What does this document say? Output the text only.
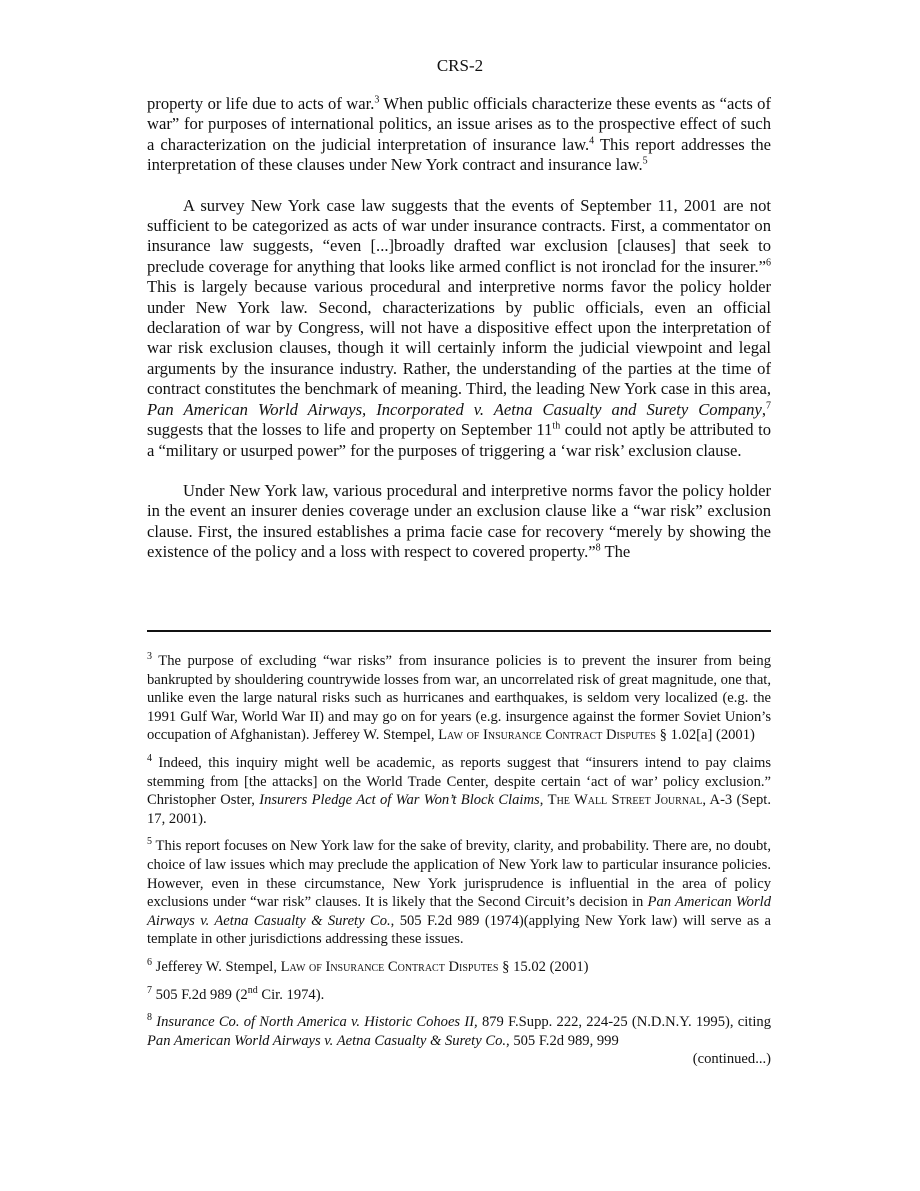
CRS-2

property or life due to acts of war.$^3$ When public officials characterize these events as “acts of war” for purposes of international politics, an issue arises as to the prospective effect of such a characterization on the judicial interpretation of insurance law.$^4$ This report addresses the interpretation of these clauses under New York contract and insurance law.$^5$

A survey New York case law suggests that the events of September 11, 2001 are not sufficient to be categorized as acts of war under insurance contracts. First, a commentator on insurance law suggests, “even [...]broadly drafted war exclusion [clauses] that seek to preclude coverage for anything that looks like armed conflict is not ironclad for the insurer.”$^6$ This is largely because various procedural and interpretive norms favor the policy holder under New York law. Second, characterizations by public officials, even an official declaration of war by Congress, will not have a dispositive effect upon the interpretation of war risk exclusion clauses, though it will certainly inform the judicial viewpoint and legal arguments by the insurance industry. Rather, the understanding of the parties at the time of contract constitutes the benchmark of meaning. Third, the leading New York case in this area, Pan American World Airways, Incorporated v. Aetna Casualty and Surety Company,$^7$ suggests that the losses to life and property on September 11th could not aptly be attributed to a “military or usurped power” for the purposes of triggering a ‘war risk’ exclusion clause.

Under New York law, various procedural and interpretive norms favor the policy holder in the event an insurer denies coverage under an exclusion clause like a “war risk” exclusion clause. First, the insured establishes a prima facie case for recovery “merely by showing the existence of the policy and a loss with respect to covered property.”$^8$ The

$^3$ The purpose of excluding “war risks” from insurance policies is to prevent the insurer from being bankrupted by shouldering countrywide losses from war, an uncorrelated risk of great magnitude, one that, unlike even the large natural risks such as hurricanes and earthquakes, is seldom very localized (e.g. the 1991 Gulf War, World War II) and may go on for years (e.g. insurgence against the former Soviet Union’s occupation of Afghanistan). Jefferey W. Stempel, Law of Insurance Contract Disputes § 1.02[a] (2001)

$^4$ Indeed, this inquiry might well be academic, as reports suggest that “insurers intend to pay claims stemming from [the attacks] on the World Trade Center, despite certain ‘act of war’ policy exclusion.” Christopher Oster, Insurers Pledge Act of War Won’t Block Claims, The Wall Street Journal, A-3 (Sept. 17, 2001).

$^5$ This report focuses on New York law for the sake of brevity, clarity, and probability. There are, no doubt, choice of law issues which may preclude the application of New York law to particular insurance policies. However, even in these circumstance, New York jurisprudence is influential in the area of policy exclusions under “war risk” clauses. It is likely that the Second Circuit’s decision in Pan American World Airways v. Aetna Casualty & Surety Co., 505 F.2d 989 (1974)(applying New York law) will serve as a template in other jurisdictions addressing these issues.

$^6$ Jefferey W. Stempel, Law of Insurance Contract Disputes § 15.02 (2001)

$^7$ 505 F.2d 989 (2nd Cir. 1974).

$^8$ Insurance Co. of North America v. Historic Cohoes II, 879 F.Supp. 222, 224-25 (N.D.N.Y. 1995), citing Pan American World Airways v. Aetna Casualty & Surety Co., 505 F.2d 989, 999

(continued...)
